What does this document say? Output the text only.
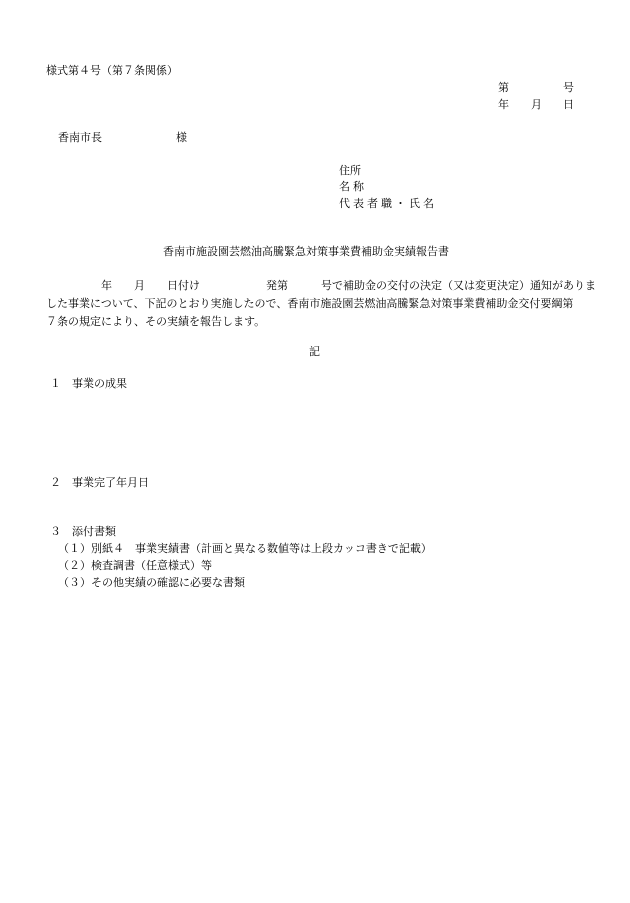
様式第４号（第７条関係）
第	号
年 月 日
香南市長	様
住所
名称
代表者職・氏名
香南市施設園芸燃油高騰緊急対策事業費補助金実績報告書

　　　　　年　　月　　日付け　　　　　　発第　　　号で補助金の交付の決定（又は変更決定）通知がありま

した事業について、下記のとおり実施したので、香南市施設園芸燃油高騰緊急対策事業費補助金交付要綱第

７条の規定により、その実績を報告します。

記
１　事業の成果
２　事業完了年月日
３　添付書類
（１）別紙４　事業実績書（計画と異なる数値等は上段カッコ書きで記載）
（２）検査調書（任意様式）等
（３）その他実績の確認に必要な書類
